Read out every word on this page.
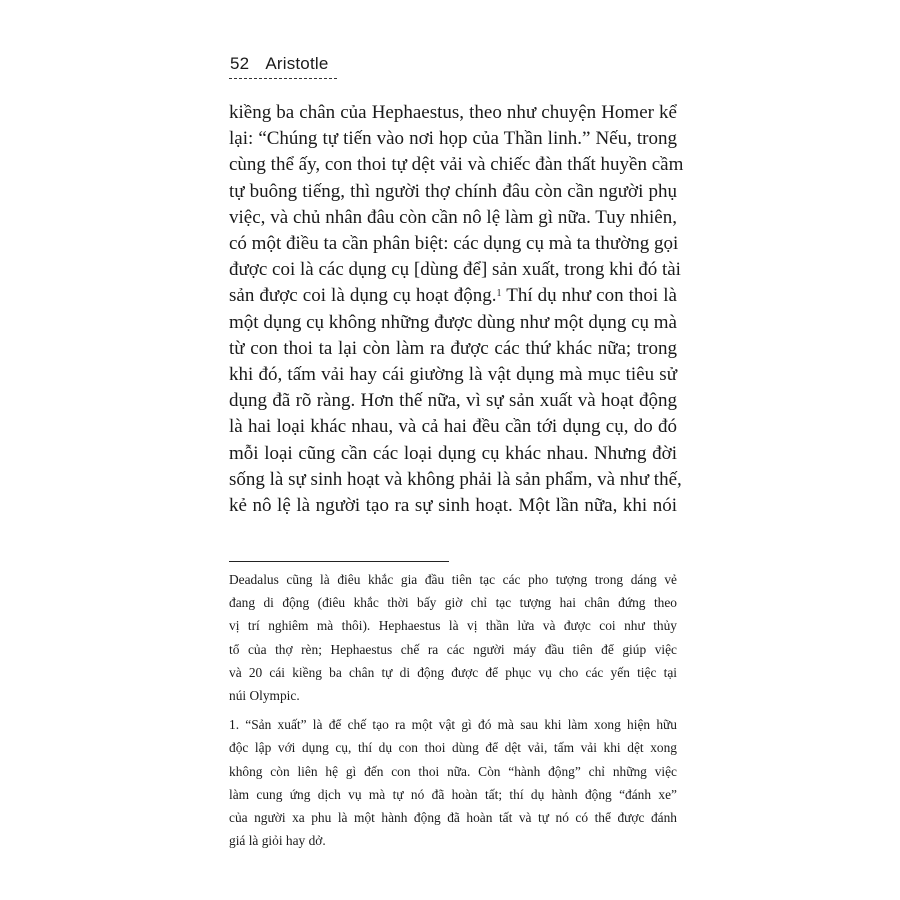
52 Aristotle
kiềng ba chân của Hephaestus, theo như chuyện Homer kể
lại: “Chúng tự tiến vào nơi họp của Thần linh.” Nếu, trong
cùng thể ấy, con thoi tự dệt vải và chiếc đàn thất huyền cầm
tự buông tiếng, thì người thợ chính đâu còn cần người phụ
việc, và chủ nhân đâu còn cần nô lệ làm gì nữa. Tuy nhiên,
có một điều ta cần phân biệt: các dụng cụ mà ta thường gọi
được coi là các dụng cụ [dùng để] sản xuất, trong khi đó tài
sản được coi là dụng cụ hoạt động.$^1$ Thí dụ như con thoi là
một dụng cụ không những được dùng như một dụng cụ mà
từ con thoi ta lại còn làm ra được các thứ khác nữa; trong
khi đó, tấm vải hay cái giường là vật dụng mà mục tiêu sử
dụng đã rõ ràng. Hơn thế nữa, vì sự sản xuất và hoạt động
là hai loại khác nhau, và cả hai đều cần tới dụng cụ, do đó
mỗi loại cũng cần các loại dụng cụ khác nhau. Nhưng đời
sống là sự sinh hoạt và không phải là sản phẩm, và như thế,
kẻ nô lệ là người tạo ra sự sinh hoạt. Một lần nữa, khi nói
Deadalus cũng là điêu khắc gia đầu tiên tạc các pho tượng trong dáng vẻ
đang di động (điêu khắc thời bấy giờ chỉ tạc tượng hai chân đứng theo
vị trí nghiêm mà thôi). Hephaestus là vị thần lửa và được coi như thủy
tổ của thợ rèn; Hephaestus chế ra các người máy đầu tiên để giúp việc
và 20 cái kiềng ba chân tự di động được để phục vụ cho các yến tiệc tại
núi Olympic.
1. “Sản xuất” là để chế tạo ra một vật gì đó mà sau khi làm xong hiện hữu
độc lập với dụng cụ, thí dụ con thoi dùng để dệt vải, tấm vải khi dệt xong
không còn liên hệ gì đến con thoi nữa. Còn “hành động” chỉ những việc
làm cung ứng dịch vụ mà tự nó đã hoàn tất; thí dụ hành động “đánh xe”
của người xa phu là một hành động đã hoàn tất và tự nó có thể được đánh
giá là giỏi hay dở.
